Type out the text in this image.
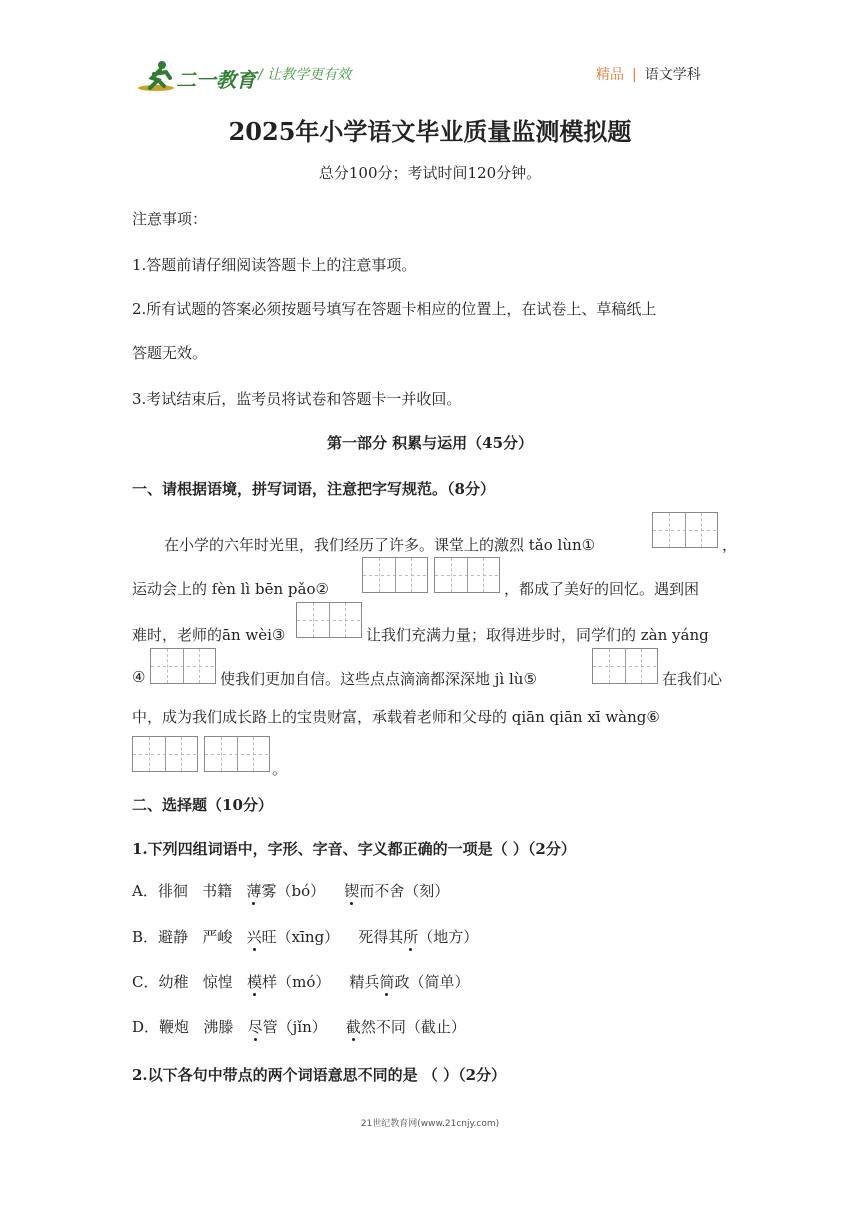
二一教育 / 让教学更有效	精品 | 语文学科
2025年小学语文毕业质量监测模拟题
总分100分；考试时间120分钟。
注意事项：
1.答题前请仔细阅读答题卡上的注意事项。
2.所有试题的答案必须按题号填写在答题卡相应的位置上，在试卷上、草稿纸上
答题无效。
3.考试结束后，监考员将试卷和答题卡一并收回。
第一部分 积累与运用（45分）
一、请根据语境，拼写词语，注意把字写规范。（8分）
在小学的六年时光里，我们经历了许多。课堂上的激烈 tǎo lùn①	，
运动会上的 fèn lì bēn pǎo②	，都成了美好的回忆。遇到困
难时，老师的ān wèi③	让我们充满力量；取得进步时，同学们的 zàn yáng
④	使我们更加自信。这些点点滴滴都深深地 jì lù⑤	在我们心
中，成为我们成长路上的宝贵财富，承载着老师和父母的 qiān qiān xī wàng⑥
。
二、选择题（10分）
1.下列四组词语中，字形、字音、字义都正确的一项是（ ）（2分）
A．徘徊   书籍   薄雾（bó）    锲而不舍（刻）
B．避静   严峻   兴旺（xīng）    死得其所（地方）
C．幼稚   惊惶   模样（mó）    精兵简政（简单）
D．鞭炮   沸滕   尽管（jǐn）    截然不同（截止）
2.以下各句中带点的两个词语意思不同的是 （ ）（2分）
21世纪教育网(www.21cnjy.com)
